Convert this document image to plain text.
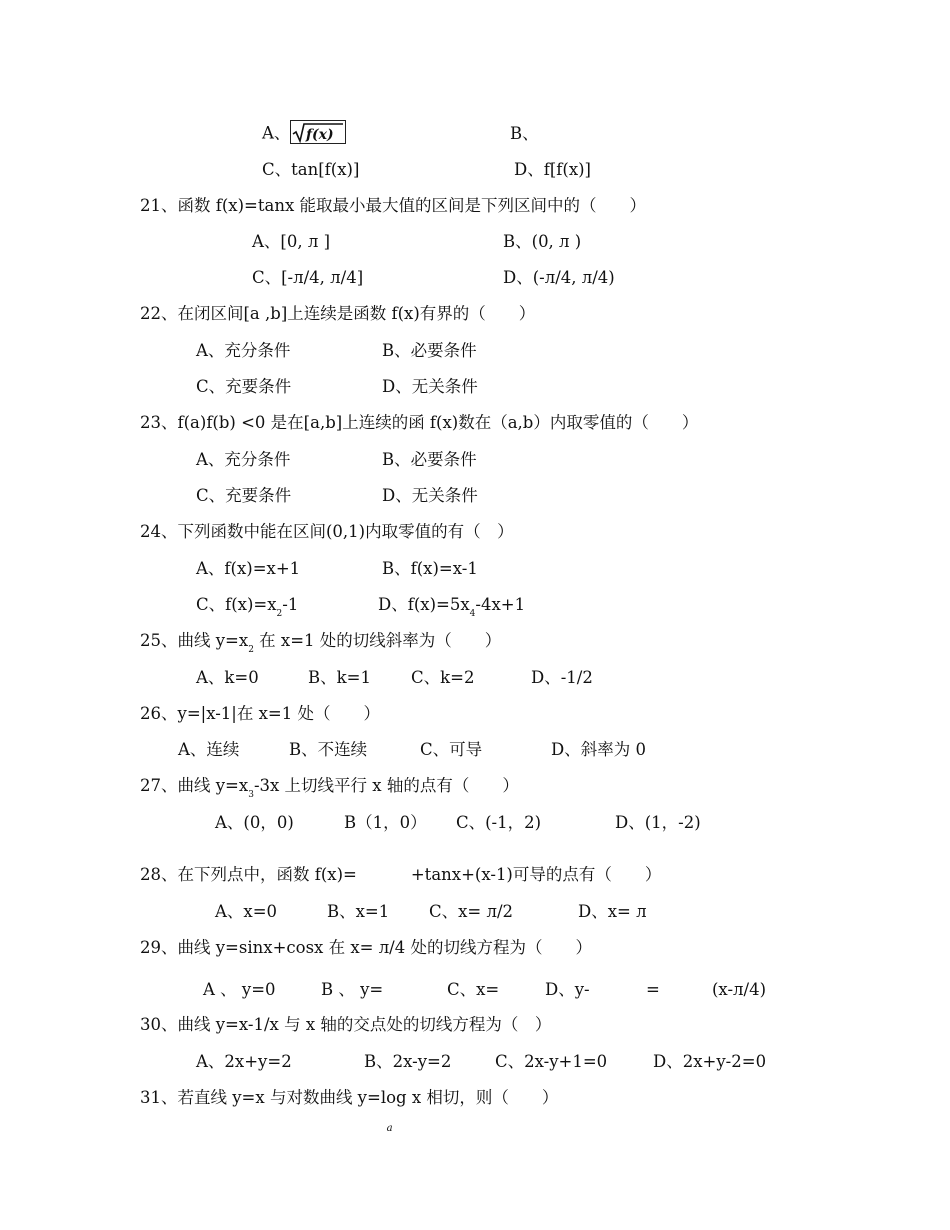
A、 f(x)	B、
C、tan[f(x)]	D、f[f(x)]
21、函数 f(x)=tanx 能取最小最大值的区间是下列区间中的（　　）
A、[0, л ]	B、(0, л )
C、[-л/4, л/4]	D、(-л/4, л/4)
22、在闭区间[a ,b]上连续是函数 f(x)有界的（　　）
A、充分条件	B、必要条件
C、充要条件	D、无关条件
23、f(a)f(b) <0 是在[a,b]上连续的函 f(x)数在（a,b）内取零值的（　　）
A、充分条件	B、必要条件
C、充要条件	D、无关条件
24、下列函数中能在区间(0,1)内取零值的有（　）
A、f(x)=x+1	B、f(x)=x-1
C、$f(x)=x_2-1$	D、$f(x)=5x_4-4x+1$
25、曲线 $y=x_2$ 在 x=1 处的切线斜率为（　　）
A、k=0	B、k=1 C、k=2	D、-1/2
26、y=|x-1|在 x=1 处（　　）
A、连续	B、不连续	C、可导	D、斜率为 0
27、曲线 $y=x_3-3x$ 上切线平行 x 轴的点有（　　）
A、(0，0)	B（1，0） C、(-1，2)	D、(1，-2)
28、在下列点中，函数 f(x)=	+tanx+(x-1)可导的点有（　　）
A、x=0	B、x=1 C、x= л/2	D、x= л
29、曲线 y=sinx+cosx 在 x= л/4 处的切线方程为（　　）
A 、 y=0	B 、 y=	C、x=	D、y-	=	(x-л/4)
30、曲线 y=x-1/x 与 x 轴的交点处的切线方程为（　）
A、2x+y=2	B、2x-y=2	C、2x-y+1=0	D、2x+y-2=0
31、若直线 y=x 与对数曲线 y=log
a
x 相切，则（　　）
